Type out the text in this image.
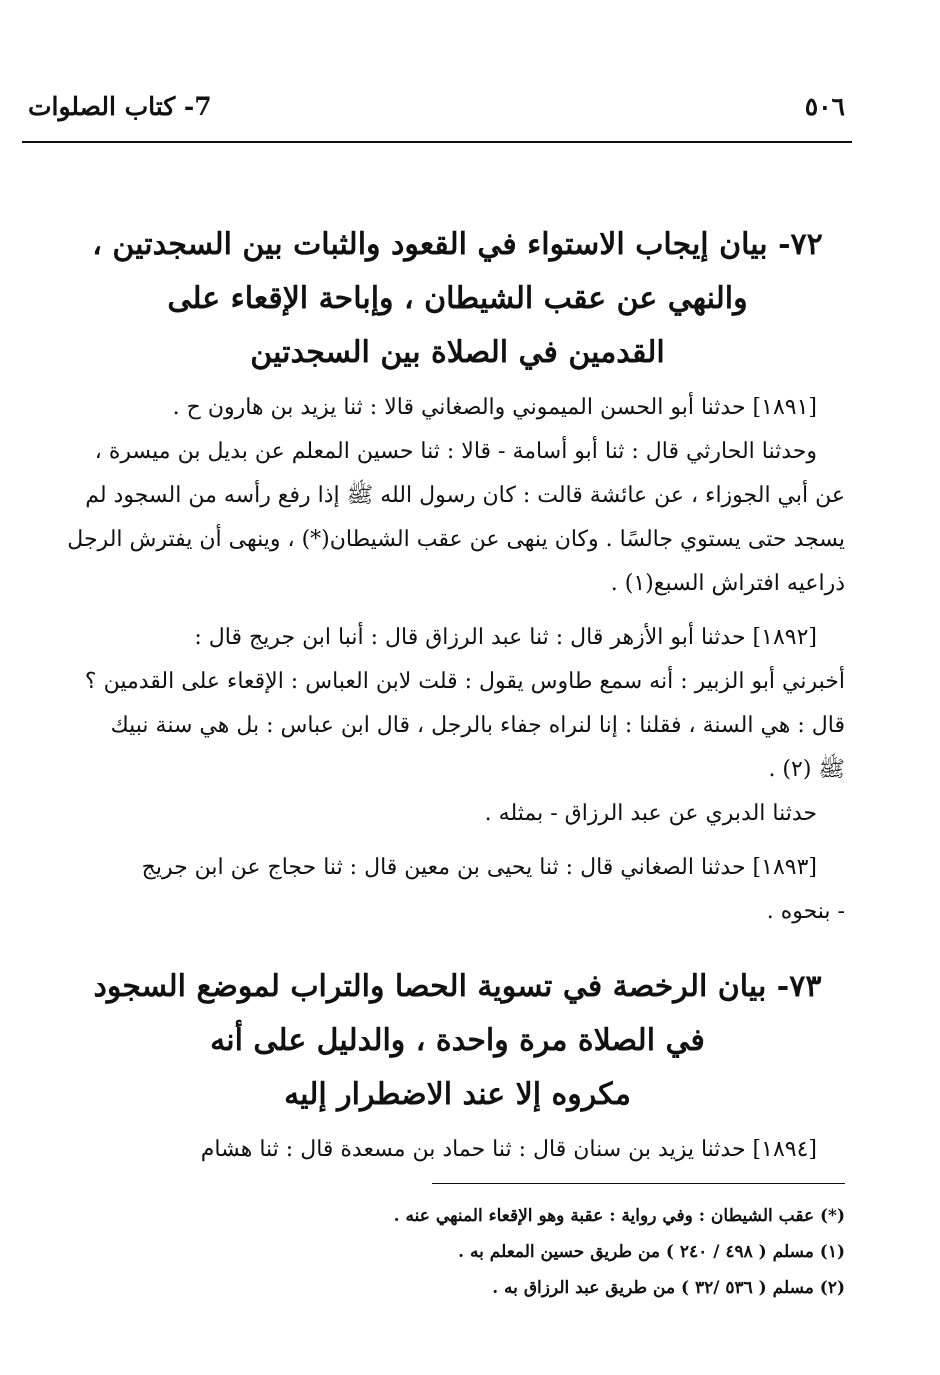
٥٠٦
7- كتاب الصلوات
٧٢- بيان إيجاب الاستواء في القعود والثبات بين السجدتين ،
والنهي عن عقب الشيطان ، وإباحة الإقعاء على
القدمين في الصلاة بين السجدتين
[١٨٩١] حدثنا أبو الحسن الميموني والصغاني قالا : ثنا يزيد بن هارون ح .
وحدثنا الحارثي قال : ثنا أبو أسامة - قالا : ثنا حسين المعلم عن بديل بن ميسرة ،
عن أبي الجوزاء ، عن عائشة قالت : كان رسول الله ﷺ إذا رفع رأسه من السجود لم
يسجد حتى يستوي جالسًا . وكان ينهى عن عقب الشيطان(*) ، وينهى أن يفترش الرجل
ذراعيه افتراش السبع(١) .
[١٨٩٢] حدثنا أبو الأزهر قال : ثنا عبد الرزاق قال : أنبا ابن جريج قال :
أخبرني أبو الزبير : أنه سمع طاوس يقول : قلت لابن العباس : الإقعاء على القدمين ؟
قال : هي السنة ، فقلنا : إنا لنراه جفاء بالرجل ، قال ابن عباس : بل هي سنة نبيك
ﷺ (٢) .
حدثنا الدبري عن عبد الرزاق - بمثله .
[١٨٩٣] حدثنا الصغاني قال : ثنا يحيى بن معين قال : ثنا حجاج عن ابن جريج
- بنحوه .
٧٣- بيان الرخصة في تسوية الحصا والتراب لموضع السجود
في الصلاة مرة واحدة ، والدليل على أنه
مكروه إلا عند الاضطرار إليه
[١٨٩٤] حدثنا يزيد بن سنان قال : ثنا حماد بن مسعدة قال : ثنا هشام
(*) عقب الشيطان : وفي رواية : عقبة وهو الإقعاء المنهي عنه .
(١) مسلم ( ٤٩٨ / ٢٤٠ ) من طريق حسين المعلم به .
(٢) مسلم ( ٥٣٦ /٣٢ ) من طريق عبد الرزاق به .
